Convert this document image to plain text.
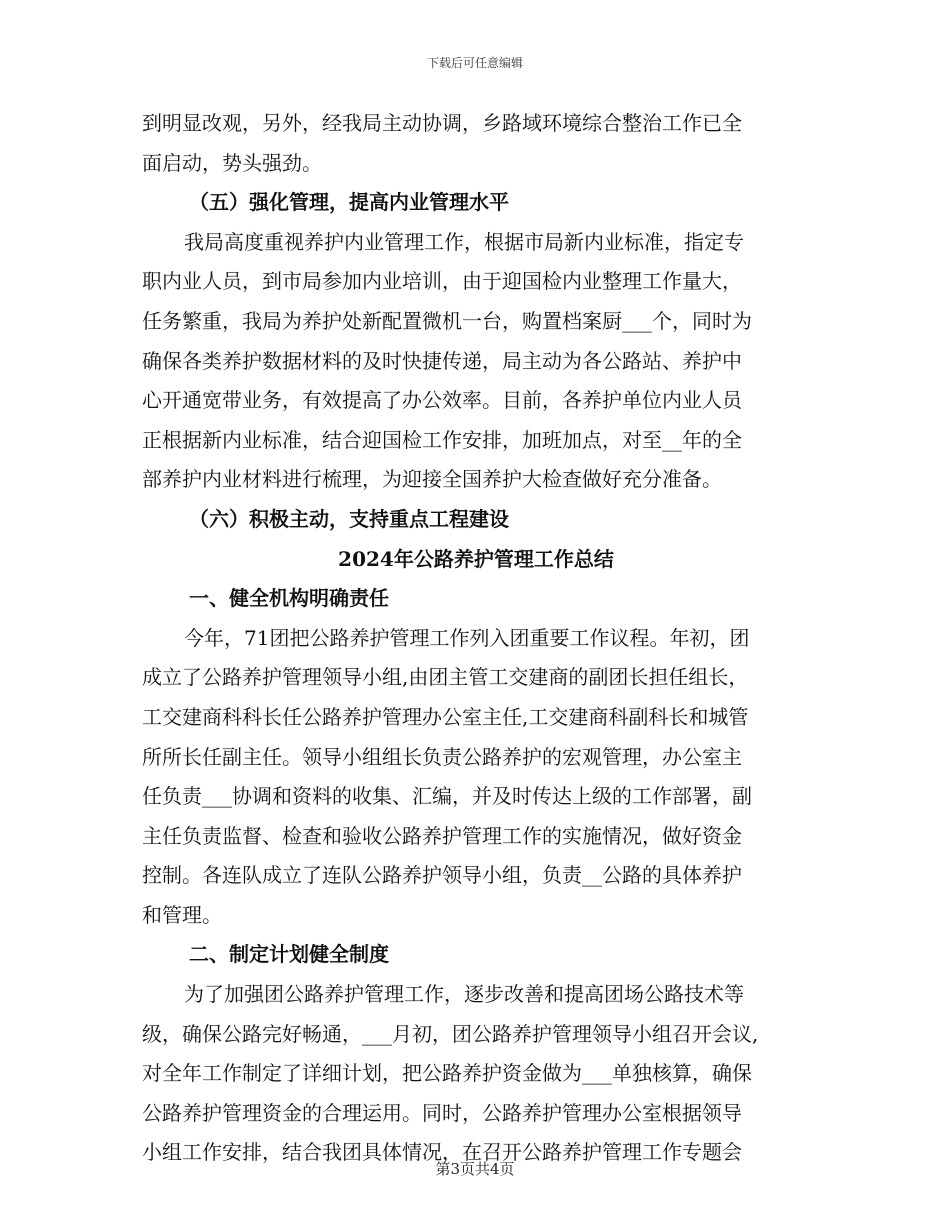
下载后可任意编辑
到明显改观，另外，经我局主动协调，乡路域环境综合整治工作已全
面启动，势头强劲。
（五）强化管理，提高内业管理水平
我局高度重视养护内业管理工作，根据市局新内业标准，指定专
职内业人员，到市局参加内业培训，由于迎国检内业整理工作量大，
任务繁重，我局为养护处新配置微机一台，购置档案厨___个，同时为
确保各类养护数据材料的及时快捷传递，局主动为各公路站、养护中
心开通宽带业务，有效提高了办公效率。目前，各养护单位内业人员
正根据新内业标准，结合迎国检工作安排，加班加点，对至__年的全
部养护内业材料进行梳理，为迎接全国养护大检查做好充分准备。
（六）积极主动，支持重点工程建设
2024年公路养护管理工作总结
一、健全机构明确责任
今年，71团把公路养护管理工作列入团重要工作议程。年初，团
成立了公路养护管理领导小组,由团主管工交建商的副团长担任组长，
工交建商科科长任公路养护管理办公室主任,工交建商科副科长和城管
所所长任副主任。领导小组组长负责公路养护的宏观管理，办公室主
任负责___协调和资料的收集、汇编，并及时传达上级的工作部署，副
主任负责监督、检查和验收公路养护管理工作的实施情况，做好资金
控制。各连队成立了连队公路养护领导小组，负责__公路的具体养护
和管理。
二、制定计划健全制度
为了加强团公路养护管理工作，逐步改善和提高团场公路技术等
级，确保公路完好畅通，___月初，团公路养护管理领导小组召开会议,
对全年工作制定了详细计划，把公路养护资金做为___单独核算，确保
公路养护管理资金的合理运用。同时，公路养护管理办公室根据领导
小组工作安排，结合我团具体情况，在召开公路养护管理工作专题会
第3页共4页
